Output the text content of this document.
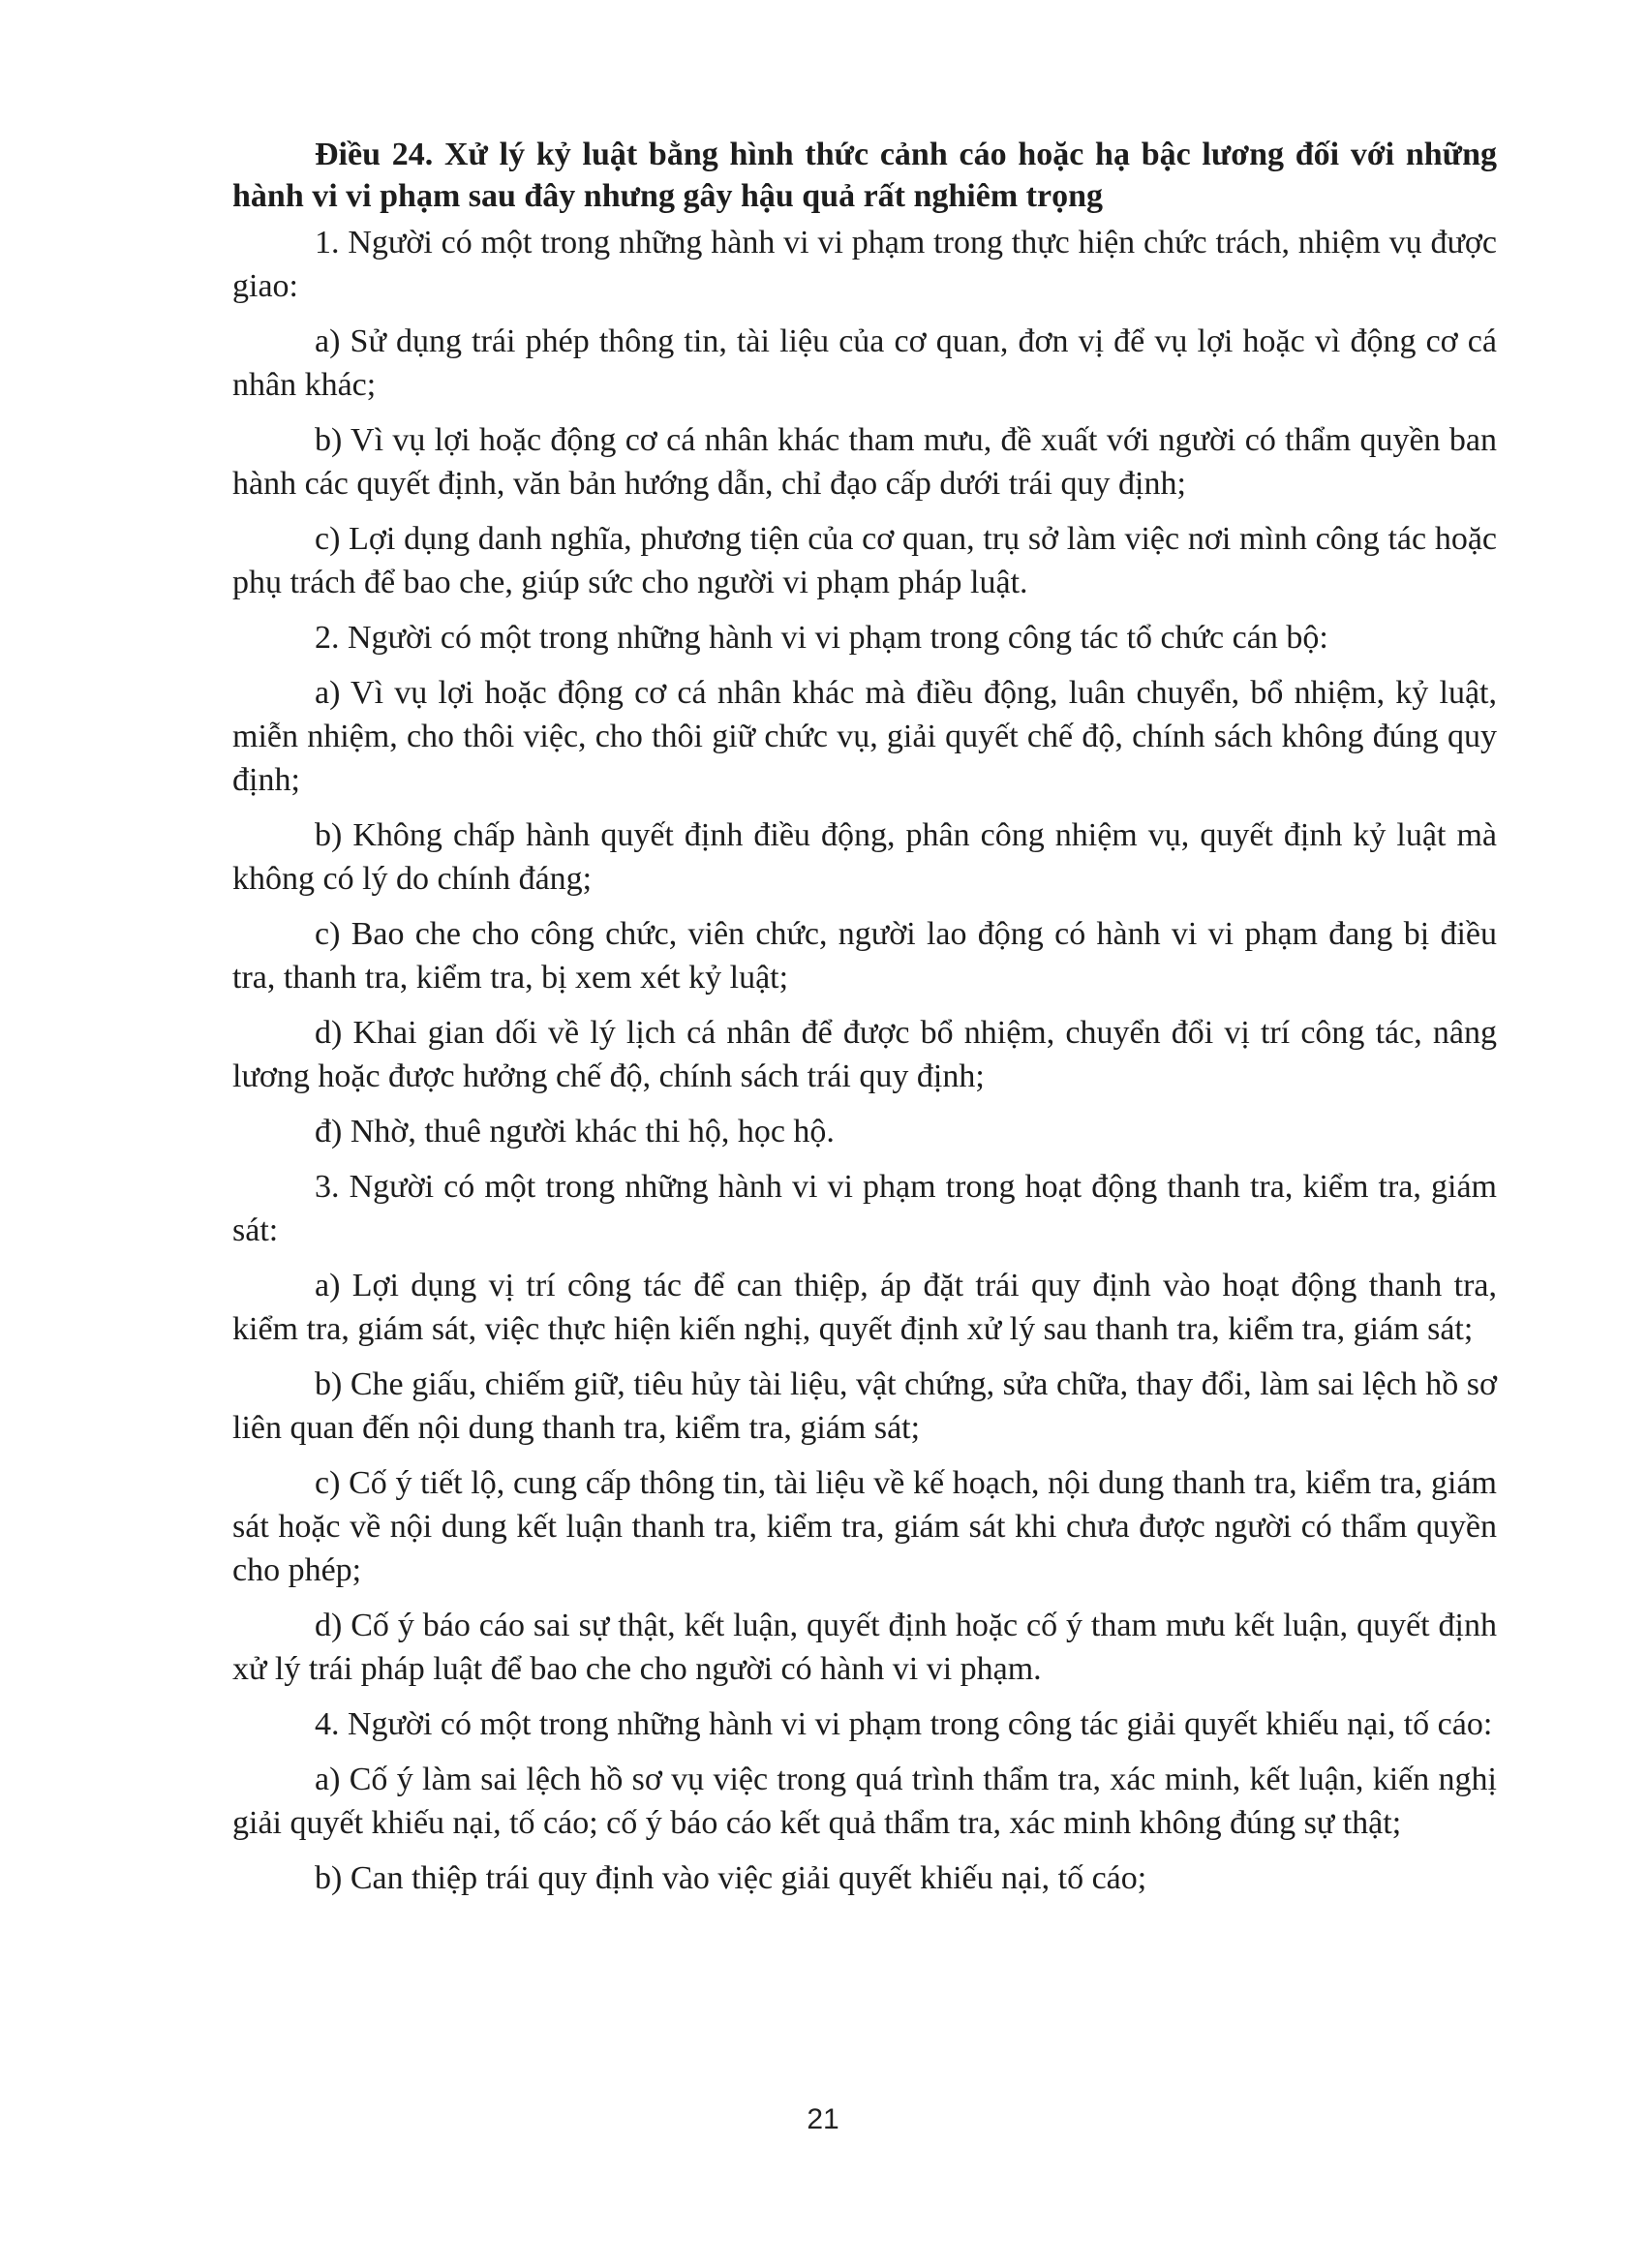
Điều 24. Xử lý kỷ luật bằng hình thức cảnh cáo hoặc hạ bậc lương đối với những hành vi vi phạm sau đây nhưng gây hậu quả rất nghiêm trọng

1. Người có một trong những hành vi vi phạm trong thực hiện chức trách, nhiệm vụ được giao:

a) Sử dụng trái phép thông tin, tài liệu của cơ quan, đơn vị để vụ lợi hoặc vì động cơ cá nhân khác;

b) Vì vụ lợi hoặc động cơ cá nhân khác tham mưu, đề xuất với người có thẩm quyền ban hành các quyết định, văn bản hướng dẫn, chỉ đạo cấp dưới trái quy định;

c) Lợi dụng danh nghĩa, phương tiện của cơ quan, trụ sở làm việc nơi mình công tác hoặc phụ trách để bao che, giúp sức cho người vi phạm pháp luật.

2. Người có một trong những hành vi vi phạm trong công tác tổ chức cán bộ:

a) Vì vụ lợi hoặc động cơ cá nhân khác mà điều động, luân chuyển, bổ nhiệm, kỷ luật, miễn nhiệm, cho thôi việc, cho thôi giữ chức vụ, giải quyết chế độ, chính sách không đúng quy định;

b) Không chấp hành quyết định điều động, phân công nhiệm vụ, quyết định kỷ luật mà không có lý do chính đáng;

c) Bao che cho công chức, viên chức, người lao động có hành vi vi phạm đang bị điều tra, thanh tra, kiểm tra, bị xem xét kỷ luật;

d) Khai gian dối về lý lịch cá nhân để được bổ nhiệm, chuyển đổi vị trí công tác, nâng lương hoặc được hưởng chế độ, chính sách trái quy định;

đ) Nhờ, thuê người khác thi hộ, học hộ.

3. Người có một trong những hành vi vi phạm trong hoạt động thanh tra, kiểm tra, giám sát:

a) Lợi dụng vị trí công tác để can thiệp, áp đặt trái quy định vào hoạt động thanh tra, kiểm tra, giám sát, việc thực hiện kiến nghị, quyết định xử lý sau thanh tra, kiểm tra, giám sát;

b) Che giấu, chiếm giữ, tiêu hủy tài liệu, vật chứng, sửa chữa, thay đổi, làm sai lệch hồ sơ liên quan đến nội dung thanh tra, kiểm tra, giám sát;

c) Cố ý tiết lộ, cung cấp thông tin, tài liệu về kế hoạch, nội dung thanh tra, kiểm tra, giám sát hoặc về nội dung kết luận thanh tra, kiểm tra, giám sát khi chưa được người có thẩm quyền cho phép;

d) Cố ý báo cáo sai sự thật, kết luận, quyết định hoặc cố ý tham mưu kết luận, quyết định xử lý trái pháp luật để bao che cho người có hành vi vi phạm.

4. Người có một trong những hành vi vi phạm trong công tác giải quyết khiếu nại, tố cáo:

a) Cố ý làm sai lệch hồ sơ vụ việc trong quá trình thẩm tra, xác minh, kết luận, kiến nghị giải quyết khiếu nại, tố cáo; cố ý báo cáo kết quả thẩm tra, xác minh không đúng sự thật;

b) Can thiệp trái quy định vào việc giải quyết khiếu nại, tố cáo;

21
